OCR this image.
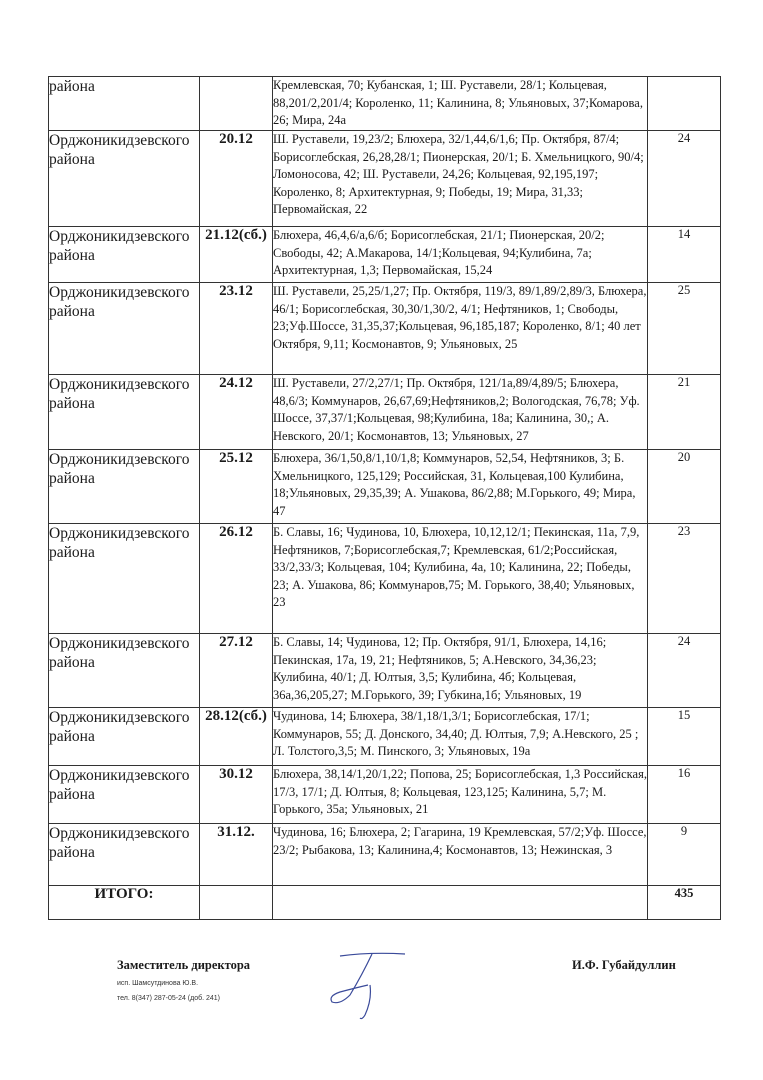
района		Кремлевская, 70; Кубанская, 1; Ш. Руставели, 28/1; Кольцевая, 88,201/2,201/4; Короленко, 11; Калинина, 8; Ульяновых, 37;Комарова, 26; Мира, 24а	
Орджоникидзевского района	20.12	Ш. Руставели, 19,23/2; Блюхера, 32/1,44,6/1,6; Пр. Октября, 87/4; Борисоглебская, 26,28,28/1; Пионерская, 20/1; Б. Хмельницкого, 90/4; Ломоносова, 42; Ш. Руставели, 24,26; Кольцевая, 92,195,197; Короленко, 8; Архитектурная, 9; Победы, 19; Мира, 31,33; Первомайская, 22	24
Орджоникидзевского района	21.12(сб.)	Блюхера, 46,4,6/а,6/б; Борисоглебская, 21/1; Пионерская, 20/2; Свободы, 42; А.Макарова, 14/1;Кольцевая, 94;Кулибина, 7а; Архитектурная, 1,3; Первомайская, 15,24	14
Орджоникидзевского района	23.12	Ш. Руставели, 25,25/1,27; Пр. Октября, 119/3, 89/1,89/2,89/3, Блюхера, 46/1; Борисоглебская, 30,30/1,30/2, 4/1; Нефтяников, 1; Свободы, 23;Уф.Шоссе, 31,35,37;Кольцевая, 96,185,187; Короленко, 8/1; 40 лет Октября, 9,11; Космонавтов, 9; Ульяновых, 25	25
Орджоникидзевского района	24.12	Ш. Руставели, 27/2,27/1; Пр. Октября, 121/1а,89/4,89/5; Блюхера, 48,6/3; Коммунаров, 26,67,69;Нефтяников,2; Вологодская, 76,78; Уф. Шоссе, 37,37/1;Кольцевая, 98;Кулибина, 18а; Калинина, 30,; А. Невского, 20/1; Космонавтов, 13; Ульяновых, 27	21
Орджоникидзевского района	25.12	Блюхера, 36/1,50,8/1,10/1,8; Коммунаров, 52,54, Нефтяников, 3; Б. Хмельницкого, 125,129; Российская, 31, Кольцевая,100 Кулибина, 18;Ульяновых, 29,35,39; А. Ушакова, 86/2,88; М.Горького, 49; Мира, 47	20
Орджоникидзевского района	26.12	Б. Славы, 16; Чудинова, 10, Блюхера, 10,12,12/1; Пекинская, 11а, 7,9, Нефтяников, 7;Борисоглебская,7; Кремлевская, 61/2;Российская, 33/2,33/3; Кольцевая, 104; Кулибина, 4а, 10; Калинина, 22; Победы, 23; А. Ушакова, 86; Коммунаров,75; М. Горького, 38,40; Ульяновых, 23	23
Орджоникидзевского района	27.12	Б. Славы, 14; Чудинова, 12; Пр. Октября, 91/1, Блюхера, 14,16; Пекинская, 17а, 19, 21; Нефтяников, 5; А.Невского, 34,36,23; Кулибина, 40/1; Д. Юлтыя, 3,5; Кулибина, 4б; Кольцевая, 36а,36,205,27; М.Горького, 39; Губкина,1б; Ульяновых, 19	24
Орджоникидзевского района	28.12(сб.)	Чудинова, 14; Блюхера, 38/1,18/1,3/1; Борисоглебская, 17/1; Коммунаров, 55; Д. Донского, 34,40; Д. Юлтыя, 7,9; А.Невского, 25 ; Л. Толстого,3,5; М. Пинского, 3; Ульяновых, 19а	15
Орджоникидзевского района	30.12	Блюхера, 38,14/1,20/1,22; Попова, 25; Борисоглебская, 1,3 Российская, 17/3, 17/1; Д. Юлтыя, 8; Кольцевая, 123,125; Калинина, 5,7; М. Горького, 35а; Ульяновых, 21	16
Орджоникидзевского района	31.12.	Чудинова, 16; Блюхера, 2; Гагарина, 19 Кремлевская, 57/2;Уф. Шоссе, 23/2; Рыбакова, 13; Калинина,4; Космонавтов, 13; Нежинская, 3	9
ИТОГО:			435
Заместитель директора	И.Ф. Губайдуллин
исп. Шамсутдинова Ю.В.
тел. 8(347) 287-05-24 (доб. 241)
